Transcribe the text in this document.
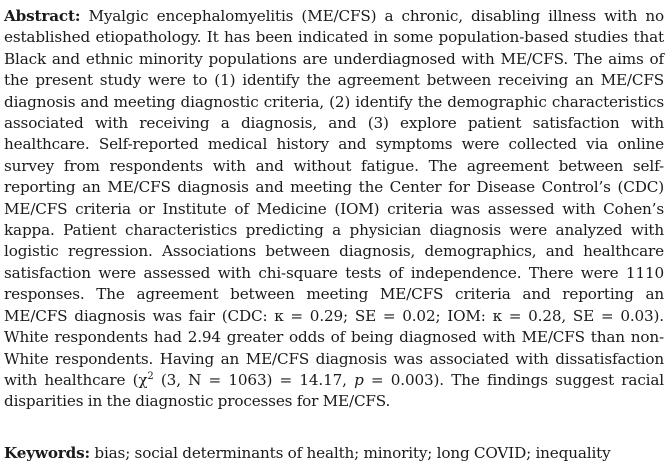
Abstract: Myalgic encephalomyelitis (ME/CFS) a chronic, disabling illness with no established etiopathology. It has been indicated in some population-based studies that Black and ethnic minority populations are underdiagnosed with ME/CFS. The aims of the present study were to (1) identify the agreement between receiving an ME/CFS diagnosis and meeting diagnostic criteria, (2) identify the demographic characteristics associated with receiving a diagnosis, and (3) explore patient satisfaction with healthcare. Self-reported medical history and symptoms were collected via online survey from respondents with and without fatigue. The agreement between self-reporting an ME/CFS diagnosis and meeting the Center for Disease Control’s (CDC) ME/CFS criteria or Institute of Medicine (IOM) criteria was assessed with Cohen’s kappa. Patient characteristics predicting a physician diagnosis were analyzed with logistic regression. Associations between diagnosis, demographics, and healthcare satisfaction were assessed with chi-square tests of independence. There were 1110 responses. The agreement between meeting ME/CFS criteria and reporting an ME/CFS diagnosis was fair (CDC: κ = 0.29; SE = 0.02; IOM: κ = 0.28, SE = 0.03). White respondents had 2.94 greater odds of being diagnosed with ME/CFS than non-White respondents. Having an ME/CFS diagnosis was associated with dissatisfaction with healthcare ($\chi^2$ (3, N = 1063) = 14.17, p = 0.003). The findings suggest racial disparities in the diagnostic processes for ME/CFS.

Keywords: bias; social determinants of health; minority; long COVID; inequality
